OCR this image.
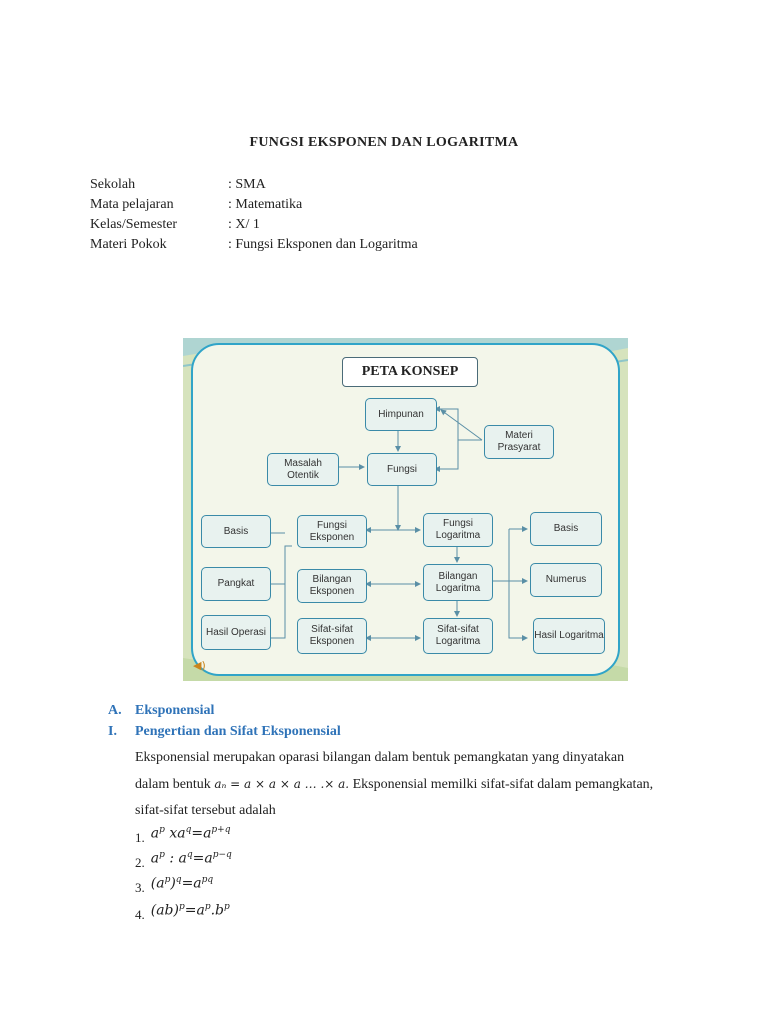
FUNGSI EKSPONEN DAN LOGARITMA
Sekolah	: SMA
Mata pelajaran	: Matematika
Kelas/Semester	: X/ 1
Materi Pokok	: Fungsi Eksponen dan Logaritma
PETA KONSEP
Himpunan
Materi Prasyarat
Masalah Otentik
Fungsi
Basis
Fungsi Eksponen
Fungsi Logaritma
Basis
Pangkat	Bilangan Eksponen
Bilangan Logaritma
Numerus
Hasil Operasi	Sifat-sifat Eksponen
Sifat-sifat Logaritma
Hasil Logaritma
◀)
A. Eksponensial
I. Pengertian dan Sifat Eksponensial
Eksponensial merupakan oparasi bilangan dalam bentuk pemangkatan yang dinyatakan
dalam bentuk aₙ = a × a × a … .× a. Eksponensial memilki sifat-sifat dalam pemangkatan,
sifat-sifat tersebut adalah
1. $a^p$ $xa^q=a^{p+q}$
2. $a^p$ : $a^q=a^{p-q}$
3. $(a^p)^q=a^{pq}$
4. $(ab)^p=a^p.b^p$
